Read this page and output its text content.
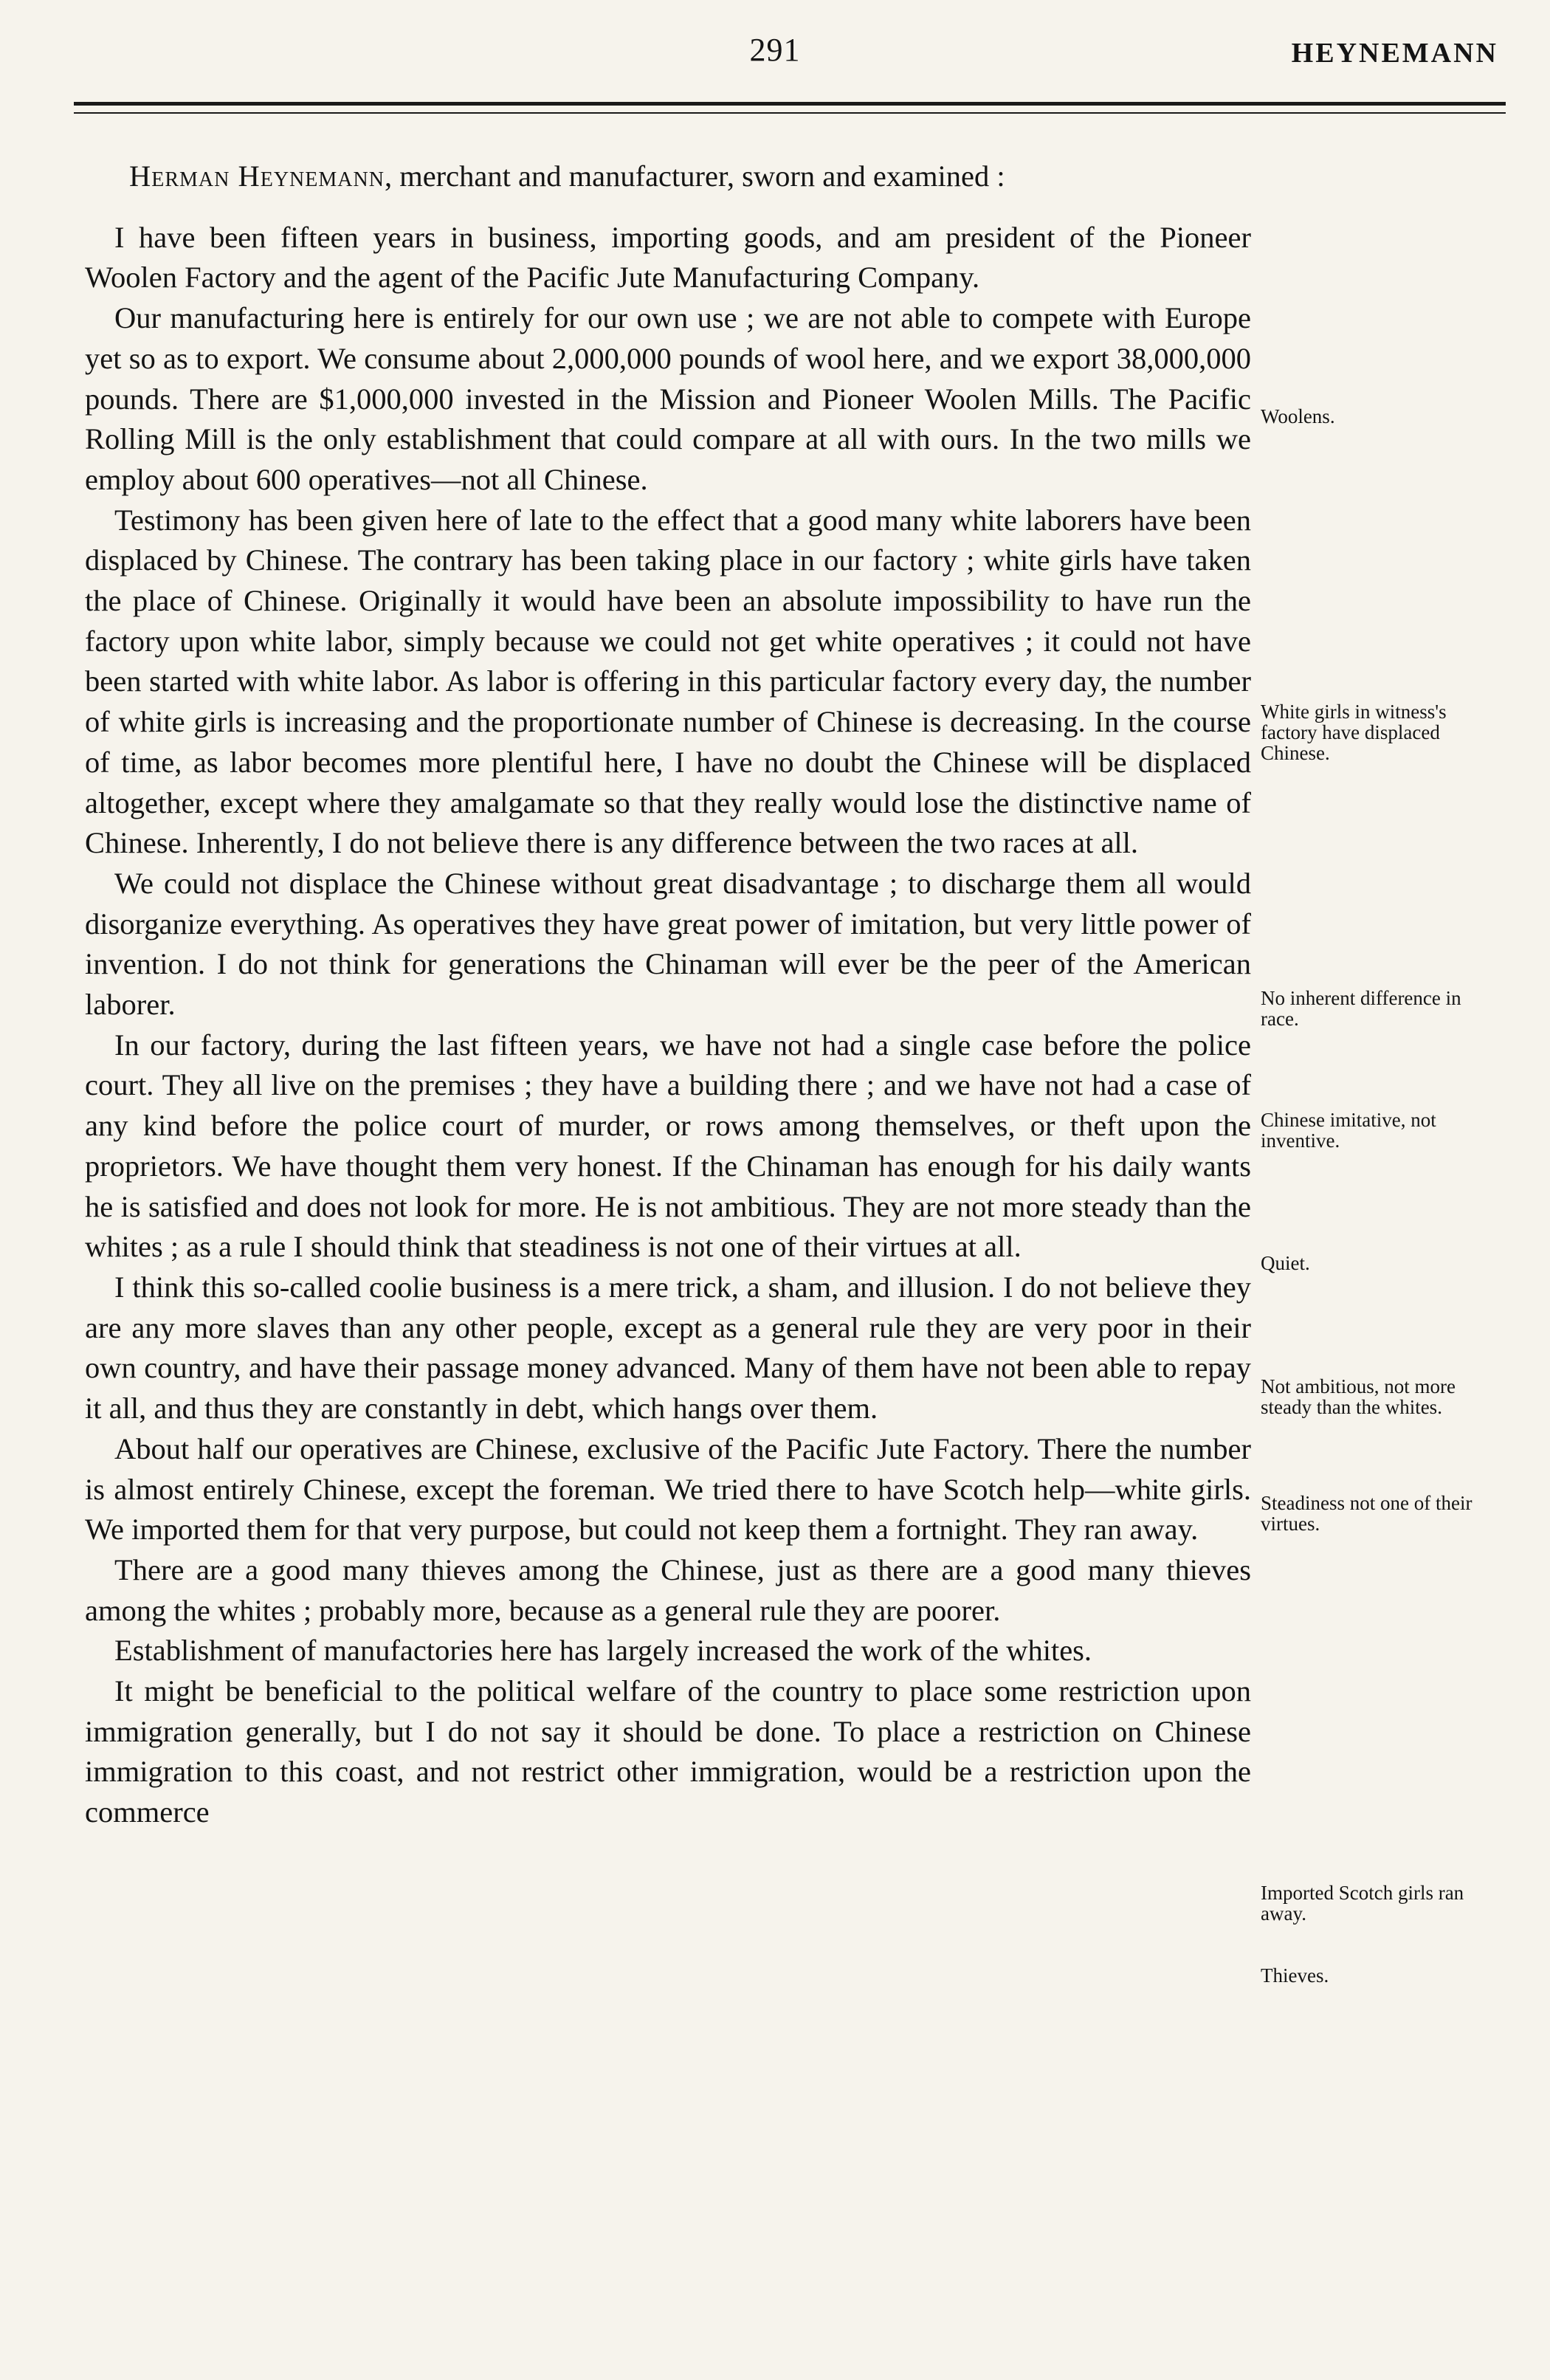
291	HEYNEMANN

Herman Heynemann, merchant and manufacturer, sworn and examined :

I have been fifteen years in business, importing goods, and am president of the Pioneer Woolen Factory and the agent of the Pacific Jute Manufacturing Company.

Our manufacturing here is entirely for our own use ; we are not able to compete with Europe yet so as to export. We consume about 2,000,000 pounds of wool here, and we export 38,000,000 pounds. There are $1,000,000 invested in the Mission and Pioneer Woolen Mills. The Pacific Rolling Mill is the only establishment that could compare at all with ours. In the two mills we employ about 600 operatives—not all Chinese.

Testimony has been given here of late to the effect that a good many white laborers have been displaced by Chinese. The contrary has been taking place in our factory ; white girls have taken the place of Chinese. Originally it would have been an absolute impossibility to have run the factory upon white labor, simply because we could not get white operatives ; it could not have been started with white labor. As labor is offering in this particular factory every day, the number of white girls is increasing and the proportionate number of Chinese is decreasing. In the course of time, as labor becomes more plentiful here, I have no doubt the Chinese will be displaced altogether, except where they amalgamate so that they really would lose the distinctive name of Chinese. Inherently, I do not believe there is any difference between the two races at all.

We could not displace the Chinese without great disadvantage ; to discharge them all would disorganize everything. As operatives they have great power of imitation, but very little power of invention. I do not think for generations the Chinaman will ever be the peer of the American laborer.

In our factory, during the last fifteen years, we have not had a single case before the police court. They all live on the premises ; they have a building there ; and we have not had a case of any kind before the police court of murder, or rows among themselves, or theft upon the proprietors. We have thought them very honest. If the Chinaman has enough for his daily wants he is satisfied and does not look for more. He is not ambitious. They are not more steady than the whites ; as a rule I should think that steadiness is not one of their virtues at all.

I think this so-called coolie business is a mere trick, a sham, and illusion. I do not believe they are any more slaves than any other people, except as a general rule they are very poor in their own country, and have their passage money advanced. Many of them have not been able to repay it all, and thus they are constantly in debt, which hangs over them.

About half our operatives are Chinese, exclusive of the Pacific Jute Factory. There the number is almost entirely Chinese, except the foreman. We tried there to have Scotch help—white girls. We imported them for that very purpose, but could not keep them a fortnight. They ran away.

There are a good many thieves among the Chinese, just as there are a good many thieves among the whites ; probably more, because as a general rule they are poorer.

Establishment of manufactories here has largely increased the work of the whites.

It might be beneficial to the political welfare of the country to place some restriction upon immigration generally, but I do not say it should be done. To place a restriction on Chinese immigration to this coast, and not restrict other immigration, would be a restriction upon the commerce

Woolens.
White girls in witness's factory have displaced Chinese.
No inherent difference in race.
Chinese imitative, not inventive.
Quiet.
Not ambitious, not more steady than the whites.
Steadiness not one of their virtues.
Imported Scotch girls ran away.
Thieves.
